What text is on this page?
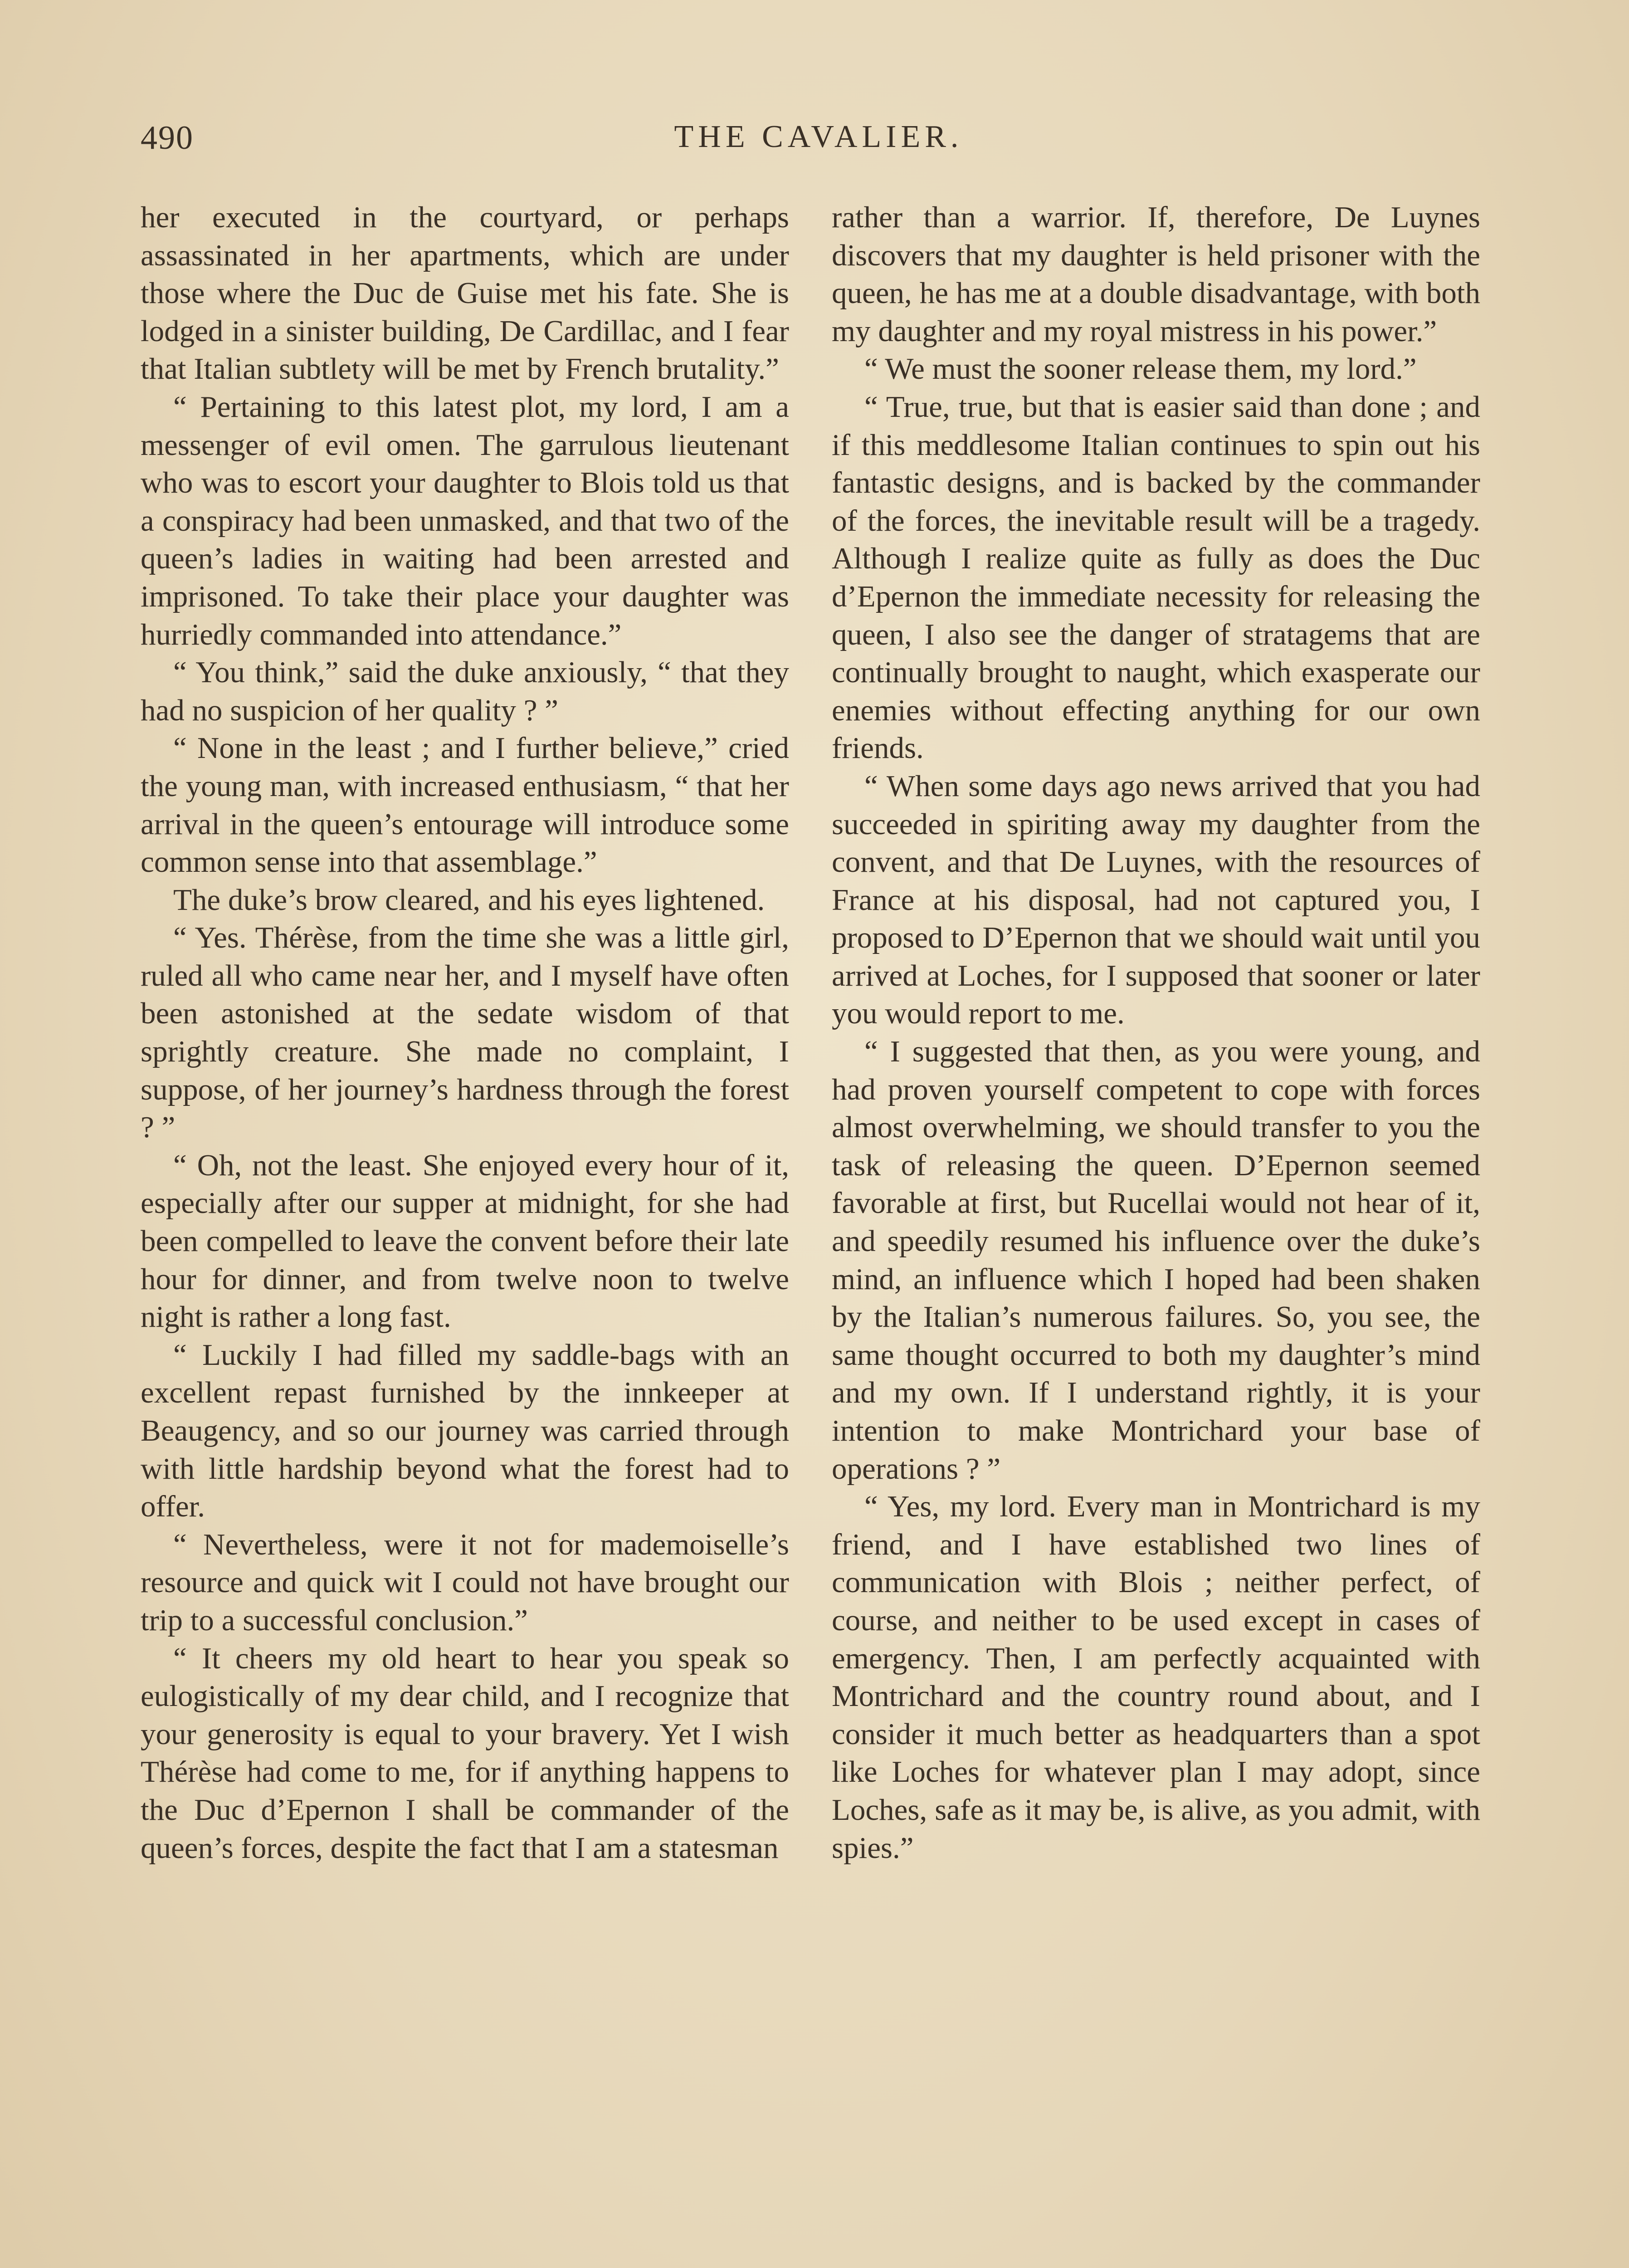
490	THE CAVALIER.

her executed in the courtyard, or perhaps assassinated in her apartments, which are under those where the Duc de Guise met his fate. She is lodged in a sinister building, De Cardillac, and I fear that Italian subtlety will be met by French brutality.”

“ Pertaining to this latest plot, my lord, I am a messenger of evil omen. The garrulous lieutenant who was to escort your daughter to Blois told us that a conspiracy had been unmasked, and that two of the queen’s ladies in waiting had been arrested and imprisoned. To take their place your daughter was hurriedly commanded into attendance.”

“ You think,” said the duke anxiously, “ that they had no suspicion of her quality ? ”

“ None in the least ; and I further believe,” cried the young man, with increased enthusiasm, “ that her arrival in the queen’s entourage will introduce some common sense into that assemblage.”

The duke’s brow cleared, and his eyes lightened.

“ Yes. Thérèse, from the time she was a little girl, ruled all who came near her, and I myself have often been astonished at the sedate wisdom of that sprightly creature. She made no complaint, I suppose, of her journey’s hardness through the forest ? ”

“ Oh, not the least. She enjoyed every hour of it, especially after our supper at midnight, for she had been compelled to leave the convent before their late hour for dinner, and from twelve noon to twelve night is rather a long fast.

“ Luckily I had filled my saddle-bags with an excellent repast furnished by the innkeeper at Beaugency, and so our journey was carried through with little hardship beyond what the forest had to offer.

“ Nevertheless, were it not for mademoiselle’s resource and quick wit I could not have brought our trip to a successful conclusion.”

“ It cheers my old heart to hear you speak so eulogistically of my dear child, and I recognize that your generosity is equal to your bravery. Yet I wish Thérèse had come to me, for if anything happens to the Duc d’Epernon I shall be commander of the queen’s forces, despite the fact that I am a statesman

rather than a warrior. If, therefore, De Luynes discovers that my daughter is held prisoner with the queen, he has me at a double disadvantage, with both my daughter and my royal mistress in his power.”

“ We must the sooner release them, my lord.”

“ True, true, but that is easier said than done ; and if this meddlesome Italian continues to spin out his fantastic designs, and is backed by the commander of the forces, the inevitable result will be a tragedy. Although I realize quite as fully as does the Duc d’Epernon the immediate necessity for releasing the queen, I also see the danger of stratagems that are continually brought to naught, which exasperate our enemies without effecting anything for our own friends.

“ When some days ago news arrived that you had succeeded in spiriting away my daughter from the convent, and that De Luynes, with the resources of France at his disposal, had not captured you, I proposed to D’Epernon that we should wait until you arrived at Loches, for I supposed that sooner or later you would report to me.

“ I suggested that then, as you were young, and had proven yourself competent to cope with forces almost overwhelming, we should transfer to you the task of releasing the queen. D’Epernon seemed favorable at first, but Rucellai would not hear of it, and speedily resumed his influence over the duke’s mind, an influence which I hoped had been shaken by the Italian’s numerous failures. So, you see, the same thought occurred to both my daughter’s mind and my own. If I understand rightly, it is your intention to make Montrichard your base of operations ? ”

“ Yes, my lord. Every man in Montrichard is my friend, and I have established two lines of communication with Blois ; neither perfect, of course, and neither to be used except in cases of emergency. Then, I am perfectly acquainted with Montrichard and the country round about, and I consider it much better as headquarters than a spot like Loches for whatever plan I may adopt, since Loches, safe as it may be, is alive, as you admit, with spies.”
